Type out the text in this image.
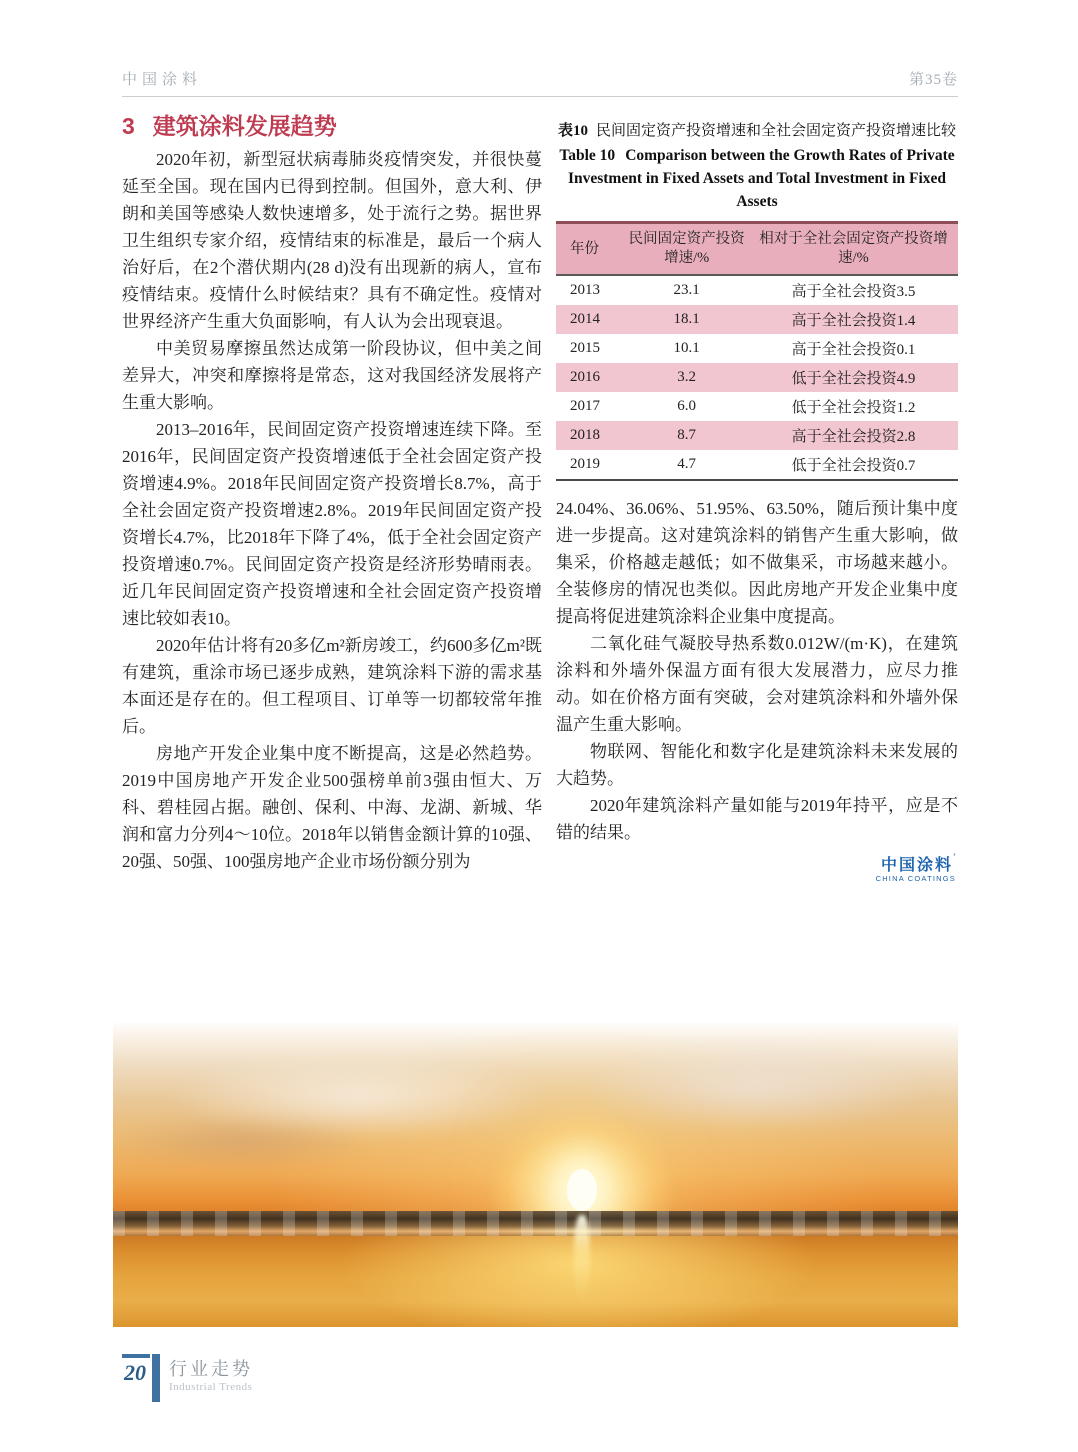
中国涂料	第35卷
3 建筑涂料发展趋势

2020年初，新型冠状病毒肺炎疫情突发，并很快蔓延至全国。现在国内已得到控制。但国外，意大利、伊朗和美国等感染人数快速增多，处于流行之势。据世界卫生组织专家介绍，疫情结束的标准是，最后一个病人治好后，在2个潜伏期内(28 d)没有出现新的病人，宣布疫情结束。疫情什么时候结束？具有不确定性。疫情对世界经济产生重大负面影响，有人认为会出现衰退。

中美贸易摩擦虽然达成第一阶段协议，但中美之间差异大，冲突和摩擦将是常态，这对我国经济发展将产生重大影响。

2013–2016年，民间固定资产投资增速连续下降。至2016年，民间固定资产投资增速低于全社会固定资产投资增速4.9%。2018年民间固定资产投资增长8.7%，高于全社会固定资产投资增速2.8%。2019年民间固定资产投资增长4.7%，比2018年下降了4%，低于全社会固定资产投资增速0.7%。民间固定资产投资是经济形势晴雨表。近几年民间固定资产投资增速和全社会固定资产投资增速比较如表10。

2020年估计将有20多亿m²新房竣工，约600多亿m²既有建筑，重涂市场已逐步成熟，建筑涂料下游的需求基本面还是存在的。但工程项目、订单等一切都较常年推后。

房地产开发企业集中度不断提高，这是必然趋势。2019中国房地产开发企业500强榜单前3强由恒大、万科、碧桂园占据。融创、保利、中海、龙湖、新城、华润和富力分列4～10位。2018年以销售金额计算的10强、20强、50强、100强房地产企业市场份额分别为

表10 民间固定资产投资增速和全社会固定资产投资增速比较

Table 10 Comparison between the Growth Rates of Private Investment in Fixed Assets and Total Investment in Fixed Assets

年份	民间固定资产投资增速/%	相对于全社会固定资产投资增速/%
2013	23.1	高于全社会投资3.5
2014	18.1	高于全社会投资1.4
2015	10.1	高于全社会投资0.1
2016	3.2	低于全社会投资4.9
2017	6.0	低于全社会投资1.2
2018	8.7	高于全社会投资2.8
2019	4.7	低于全社会投资0.7

24.04%、36.06%、51.95%、63.50%，随后预计集中度进一步提高。这对建筑涂料的销售产生重大影响，做集采，价格越走越低；如不做集采，市场越来越小。全装修房的情况也类似。因此房地产开发企业集中度提高将促进建筑涂料企业集中度提高。

二氧化硅气凝胶导热系数0.012W/(m·K)，在建筑涂料和外墙外保温方面有很大发展潜力，应尽力推动。如在价格方面有突破，会对建筑涂料和外墙外保温产生重大影响。

物联网、智能化和数字化是建筑涂料未来发展的大趋势。

2020年建筑涂料产量如能与2019年持平，应是不错的结果。

中国涂料’
CHINA COATINGS
20 行业走势
Industrial Trends
